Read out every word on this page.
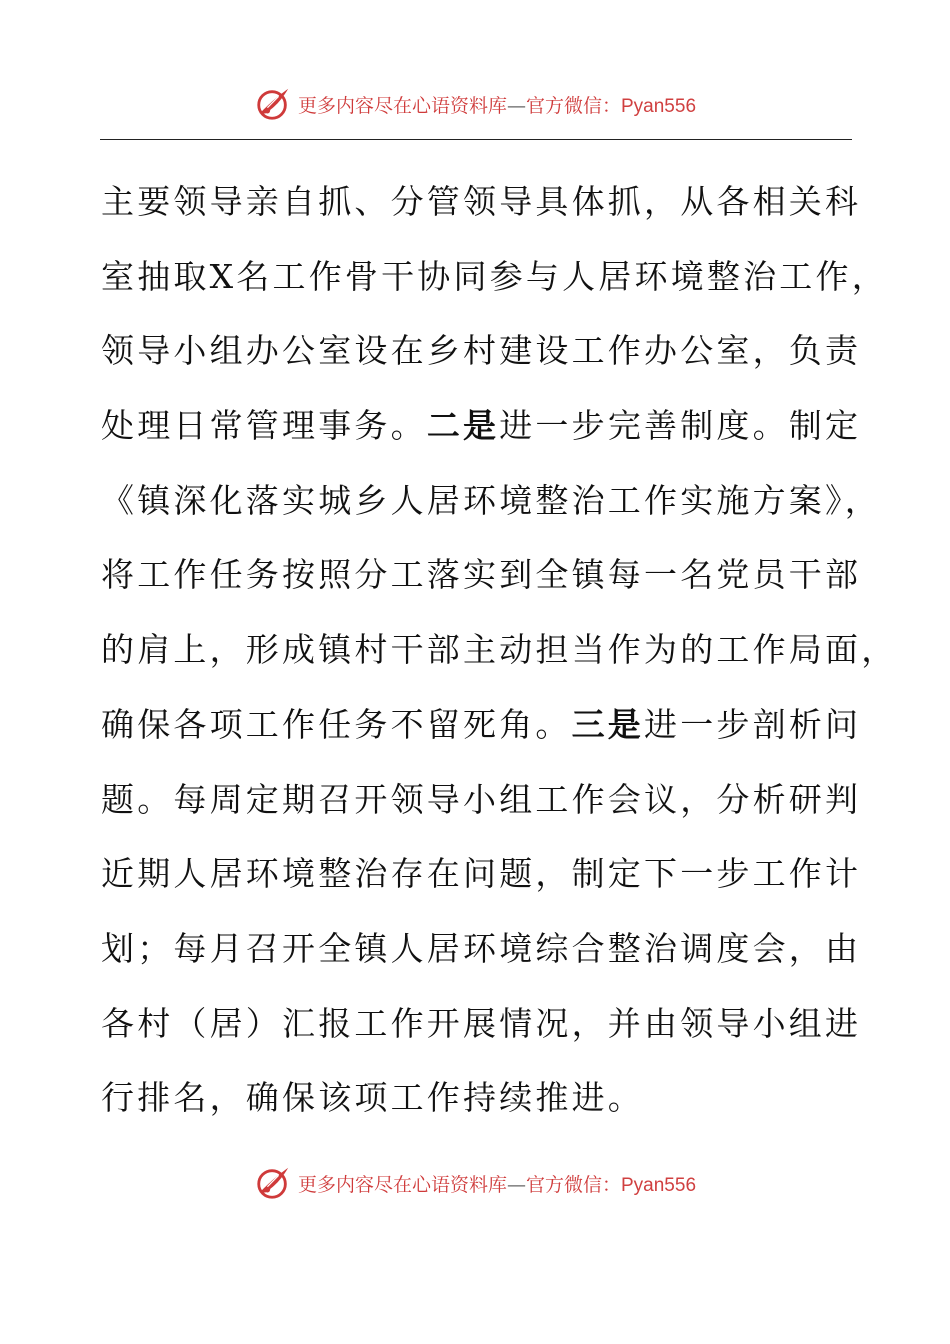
更多内容尽在心语资料库—官方微信：Pyan556
主要领导亲自抓、分管领导具体抓，从各相关科
室抽取X名工作骨干协同参与人居环境整治工作，
领导小组办公室设在乡村建设工作办公室，负责
处理日常管理事务。二是进一步完善制度。制定
《镇深化落实城乡人居环境整治工作实施方案》，
将工作任务按照分工落实到全镇每一名党员干部
的肩上，形成镇村干部主动担当作为的工作局面，
确保各项工作任务不留死角。三是进一步剖析问
题。每周定期召开领导小组工作会议，分析研判
近期人居环境整治存在问题，制定下一步工作计
划；每月召开全镇人居环境综合整治调度会，由
各村（居）汇报工作开展情况，并由领导小组进
行排名，确保该项工作持续推进。
更多内容尽在心语资料库—官方微信：Pyan556
